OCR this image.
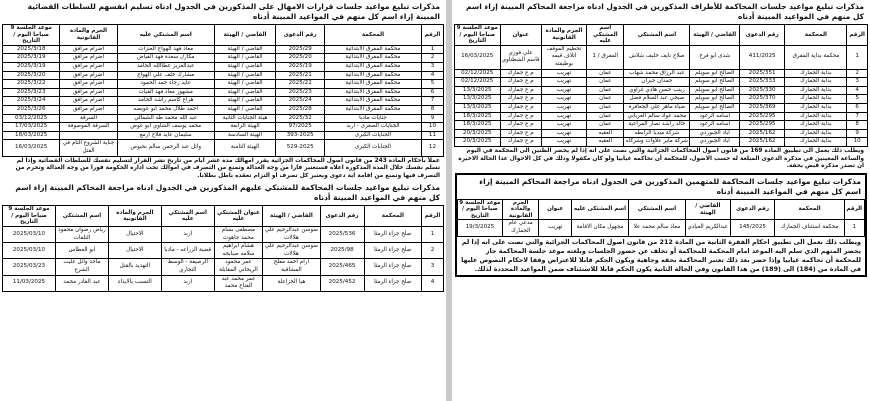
مذكرات تبليغ مواعيد جلسات المحاكمة للأطراف المذكورين في الجدول ادناه مراجعة المحاكم المبينة إزاء اسم كل منهم في المواعيد المبينة أدناه
الرقم	المحكمة	رقم الدعوى	القاضي / الهيئة	اسم المشتكي	اسم المشتكي عليه	الجرم والمادة القانونية	عنوان	موعد الجلسة 9 صباحا اليوم / التاريخ
1	محكمة بداية المفرق	411/2025	شدى ابو فرخ	صلاح نايف خليف شلاش	المفرق / 1	تحطيم الموقف اتلاف قيمه بوظيفته	علي فوزي قاسم الشطناوي	16/03/2025
2	بداية الجمارك	2025/351	الصالح ابو سويلم	عبد الرزاق محمد شهاب	عمان	تهريب	م ع جمارك	02/12/2025
3	بداية الجمارك	2025/333	الصالح ابو سويلم	حمدان جبران	عمان	تهريب	م ع جمارك	02/12/2025
4	بداية الجمارك	2025/330	الصالح ابو سويلم	زينب حسن هادي غراوي	عمان	تهريب	م ع جمارك	13/3/2025
5	بداية الجمارك	2025/370	الصالح ابو سويلم	صبحي عبد السلام فضل	عمان	تهريب	م ع جمارك	13/3/2025
6	بداية الجمارك	2025/369	الصالح ابو سويلم	ضياء ماهر علي الجعافرة	عمان	تهريب	م ع جمارك	13/3/2025
7	بداية الجمارك	2025/295	اسامه الرعود	محمد عواد سالم العرباني	عمان	تهريب	م ع جمارك	18/3/2025
8	بداية الجمارك	2025/295	اسامه الرعود	خالد راشد نصار المراعية	عمان	تهريب	م ع جمارك	18/3/2025
9	بداية الجمارك	2025/162	اياد الجبوردي	شركة ميديا الرابطه	العقبه	تهريب	م ع جمارك	20/3/2025
10	بداية الجمارك	2025/162	اياد الجبوردي	شركة ماير علاوات وشركاه	العقبه	تهريب	م ع جمارك	20/3/2025

ويطلب ذلك بعمل الى تطبيق المادة 169 من قانون اصول المحاكمات الجزائية والتي نصت على انه إذا لم يحضر الظنين الى المحكمة في اليوم والساعة المعينين في مذكرة الدعوى المبلغة له حسب الاصول، للمحكمة أن تحاكمه غيابيا ولو كان مكفولا وذلك في كل الاحوال عدا الحالة الاخيرة ان تصدر مذكرة قبض بحقه.

مذكرات تبليغ مواعيد جلسات المحاكمة للمتهمين المذكورين في الجدول ادناه مراجعة المحاكم المبينة إزاء اسم كل منهم في المواعيد المبينة أدناه
الرقم	المحكمة	رقم الدعوى	القاضي / الهيئة	اسم المشتكي	اسم المشتكى عليه	عنوان	الجرم والمادة القانونية	موعد الجلسة 9 صباحا اليوم / التاريخ
1	محكمة استئناف الجمارك	145/2025	عبدالكريم العبادي	معاذ سالم محمد علا	مجهول مكان الاقامة	تهريب	مدعي عام الجمارك	19/3/2025

ويطلب ذلك بعمل الى تطبيق احكام الفقرة الثانية من المادة 212 من قانون اصول المحاكمات الجزائية والتي نصت على انه إذا لم يحضر المتهم الذي سلم اليه الموعد امام المحكمة للمحاكمة أو تخلف عن حضور الجلسات وبلغته موعد جلسة المحاكمة جاز للمحكمة أن تحاكمه غيابيا وإذا حضر بعد ذلك تعتبر المحاكمة بحقه وجاهية ويكون الحكم قابلا للاعتراض وفقا لاحكام النصوص عليها في المادة من (184) الى (189) من هذا القانون وفي الحالة الثانية يكون الحكم قابلا للاستئناف ضمن المواعيد المحددة لذلك.

مذكرات تبليغ مواعيد جلسات قرارات الامهال على المذكورين في الجدول ادناه تسليم انفسهم للسلطات القضائية المبينة إزاء اسم كل منهم في المواعيد المبينة أدناه
الرقم	المحكمة	رقم الدعوى	القاضي / الهيئة	اسم المشتكي عليه	الجرم والمادة القانونية	موعد الجلسة 9 صباحا اليوم / التاريخ
1	محكمة المفرق الابتدائية	2025/29	القاضي / الهيئة	معاذ فهد الهواج العنزات	اضرام مرافق	2025/3/18
2	محكمة المفرق الابتدائية	2025/20	القاضي / الهيئة	مكازل سعدة فهد الفياض	اضرام مرافق	2025/3/19
3	محكمة المفرق الابتدائية	2025/19	القاضي / الهيئة	عبدالعزيز عطاالله الحامد	اضرام مرافق	2025/3/19
4	محكمة المفرق الابتدائية	2025/21	القاضي / الهيئة	مشارك خلف علي الهواج	اضرام مرافق	2025/3/20
5	محكمة المفرق الابتدائية	2025/22	القاضي / الهيئة	عايد رجاء حمد الحمود	اضرام مرافق	2025/3/22
6	محكمة المفرق الابتدائية	2025/23	القاضي / الهيئة	مشهور معاذ فهد الفيات	اضرام مرافق	2025/3/23
7	محكمة المفرق الابتدائية	2025/24	القاضي / الهيئة	هزاع كاسم راشد الحامد	اضرام مرافق	2025/3/24
8	محكمة المفرق الابتدائية	2025/28	القاضي / الهيئة	احمد طلال محمد ابو عويضه	اضرام مرافق	2025/3/26
9	جنايات مادبا	2025/32	هيئة الجنايات الثانية	عبد الله محمد طه الشمالي	السرقة	03/12/2025
10	الجنايات الصغرى - اربد	97/2025	الهيئة الرابعة	محمد يوسف الشاوي ابو عوض	السرقة الموصوفة	17/03/2025
11	الجنايات الكبرى	393-2025	الهيئة السادسة	سليمان عايد فلاح ازمع		18/03/2025
12	الجنايات الكبرى	529-2025	الهيئة الثامنة	وائل عبد الرحمن سالم بحبوص	جناية الشروع التام في القتل	16/03/2025

عملاً بأحكام المادة 243 من قانون اصول المحاكمات الجزائية يقرر امهالك مدة عشر أيام من تاريخ نشر القرار لتسليم نفسك للسلطات القضائية وإذا لم تسلم نفسك خلال المدة المذكورة اعلاه فستعتبر فارا من وجه العدالة وتمنع من التصرف في اموالك تحت ادارة الحكومة فورا من وجه العدالة وتحرم من التصرف فيها وتمنع من اقامة اية دعوى ويعتبر كل تصرف او التزام تعقده باطل بطلانا.

مذكرات تبليغ مواعيد جلسات المحاكمة للمشتكي عليهم المذكورين في الجدول ادناه مراجعة المحاكم المبينة إزاء اسم كل منهم في المواعيد المبينة أدناه
الرقم	المحكمة	رقم الدعوى	القاضي / الهيئة	عنوان المشتكي عليه	اسم المشتكي عليه	الجرم والمادة القانونية	اسم المشتكي	موعد الجلسة 9 صباحا اليوم / التاريخ
1	صلح جزاء الرمثا	2025/536	سوسن عبدالرحيم علي هلالات	مصطفى بسام محمد جاهوت	اربد	الاحتيال	رياض رضوان محمود التلفات	2025/03/10
2	صلح جزاء الرمثا	2025/98	سوسن عبدالرحيم علي هلالات	هشام ابراهيم سلامه صبابحه	قضية الزراعه - مادبا	الاحتيال	ابو العطاس	2025/03/10
3	صلح جزاء الرمثا	2025/465	ارام احمد مفلح المشاقبة	عمر محمود الريحاني المقابلة	الرصيفة - الوسط التجاري	التهديد بالقتل	ماجد وائل عليت الشرع	2025/03/23
4	صلح جزاء الرمثا	2025/452	هيا الخزاعلة	عمر محمد عبد الفتاح محمد	اربد	التسبب بالايذاء	عبد القادر محمد	11/03/2025
